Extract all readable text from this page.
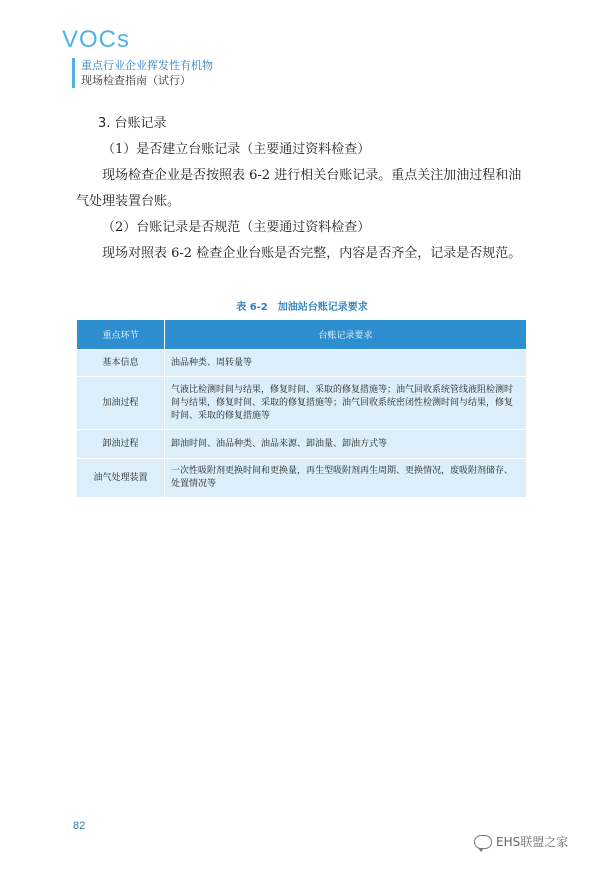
VOCs
重点行业企业挥发性有机物
现场检查指南（试行）

3. 台账记录

（1）是否建立台账记录（主要通过资料检查）

现场检查企业是否按照表 6-2 进行相关台账记录。重点关注加油过程和油气处理装置台账。

（2）台账记录是否规范（主要通过资料检查）

现场对照表 6-2 检查企业台账是否完整，内容是否齐全，记录是否规范。

表 6-2　加油站台账记录要求
重点环节	台账记录要求
基本信息	油品种类、周转量等
加油过程	气液比检测时间与结果，修复时间、采取的修复措施等；油气回收系统管线液阻检测时间与结果，修复时间、采取的修复措施等；油气回收系统密闭性检测时间与结果，修复时间、采取的修复措施等
卸油过程	卸油时间、油品种类、油品来源、卸油量、卸油方式等
油气处理装置	一次性吸附剂更换时间和更换量，再生型吸附剂再生周期、更换情况，废吸附剂储存、处置情况等
82
EHS联盟之家
